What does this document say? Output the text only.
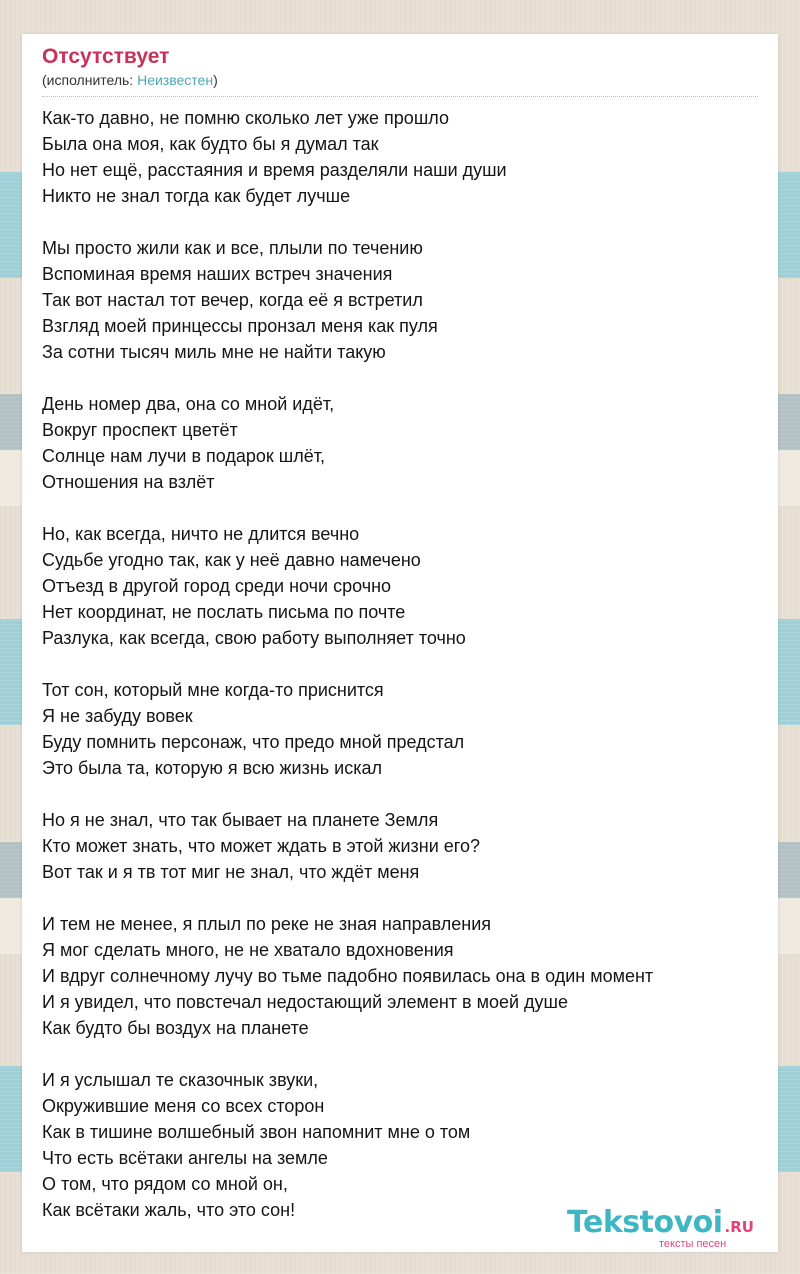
Отсутствует
(исполнитель: Неизвестен)
Как-то давно, не помню сколько лет уже прошло
Была она моя, как будто бы я думал так
Но нет ещё, расстаяния и время разделяли наши души
Никто не знал тогда как будет лучше
Мы просто жили как и все, плыли по течению
Вспоминая время наших встреч значения
Так вот настал тот вечер, когда её я встретил
Взгляд моей принцессы пронзал меня как пуля
За сотни тысяч миль мне не найти такую
День номер два, она со мной идёт,
Вокруг проспект цветёт
Солнце нам лучи в подарок шлёт,
Отношения на взлёт
Но, как всегда, ничто не длится вечно
Судьбе угодно так, как у неё давно намечено
Отъезд в другой город среди ночи срочно
Нет координат, не послать письма по почте
Разлука, как всегда, свою работу выполняет точно
Тот сон, который мне когда-то приснится
Я не забуду вовек
Буду помнить персонаж, что предо мной предстал
Это была та, которую я всю жизнь искал
Но я не знал, что так бывает на планете Земля
Кто может знать, что может ждать в этой жизни его?
Вот так и я тв тот миг не знал, что ждёт меня
И тем не менее, я плыл по реке не зная направления
Я мог сделать много, не не хватало вдохновения
И вдруг солнечному лучу во тьме падобно появилась она в один момент
И я увидел, что повстечал недостающий элемент в моей душе
Как будто бы воздух на планете
И я услышал те сказочнык звуки,
Окружившие меня со всех сторон
Как в тишине волшебный звон напомнит мне о том
Что есть всётаки ангелы на земле
О том, что рядом со мной он,
Как всётаки жаль, что это сон!	Tekstovoi .RU
тексты песен
